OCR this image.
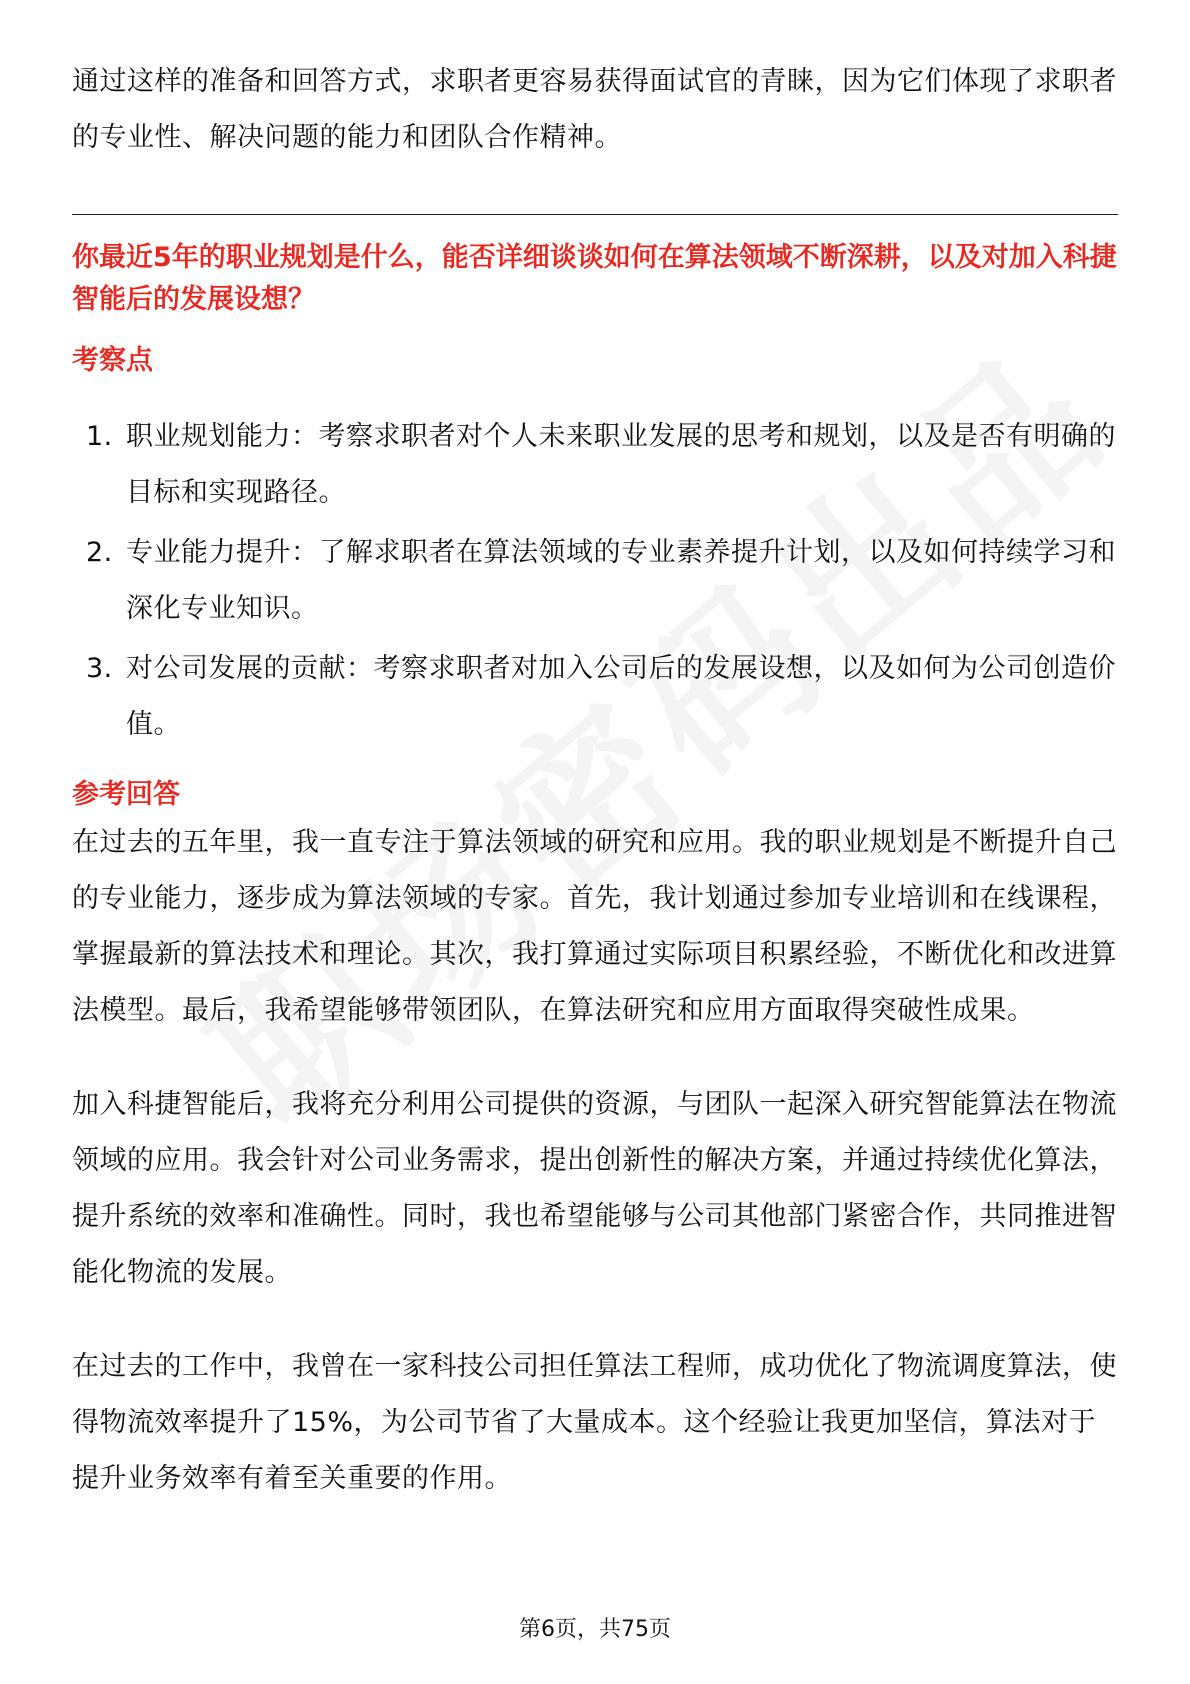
通过这样的准备和回答方式，求职者更容易获得面试官的青睐，因为它们体现了求职者的专业性、解决问题的能力和团队合作精神。

你最近5年的职业规划是什么，能否详细谈谈如何在算法领域不断深耕，以及对加入科捷智能后的发展设想？
考察点
1. 职业规划能力：考察求职者对个人未来职业发展的思考和规划，以及是否有明确的目标和实现路径。
2. 专业能力提升：了解求职者在算法领域的专业素养提升计划，以及如何持续学习和深化专业知识。
3. 对公司发展的贡献：考察求职者对加入公司后的发展设想，以及如何为公司创造价值。
参考回答

在过去的五年里，我一直专注于算法领域的研究和应用。我的职业规划是不断提升自己的专业能力，逐步成为算法领域的专家。首先，我计划通过参加专业培训和在线课程，掌握最新的算法技术和理论。其次，我打算通过实际项目积累经验，不断优化和改进算法模型。最后，我希望能够带领团队，在算法研究和应用方面取得突破性成果。

加入科捷智能后，我将充分利用公司提供的资源，与团队一起深入研究智能算法在物流领域的应用。我会针对公司业务需求，提出创新性的解决方案，并通过持续优化算法，提升系统的效率和准确性。同时，我也希望能够与公司其他部门紧密合作，共同推进智能化物流的发展。

在过去的工作中，我曾在一家科技公司担任算法工程师，成功优化了物流调度算法，使得物流效率提升了15%，为公司节省了大量成本。这个经验让我更加坚信，算法对于提升业务效率有着至关重要的作用。

第6页，共75页
